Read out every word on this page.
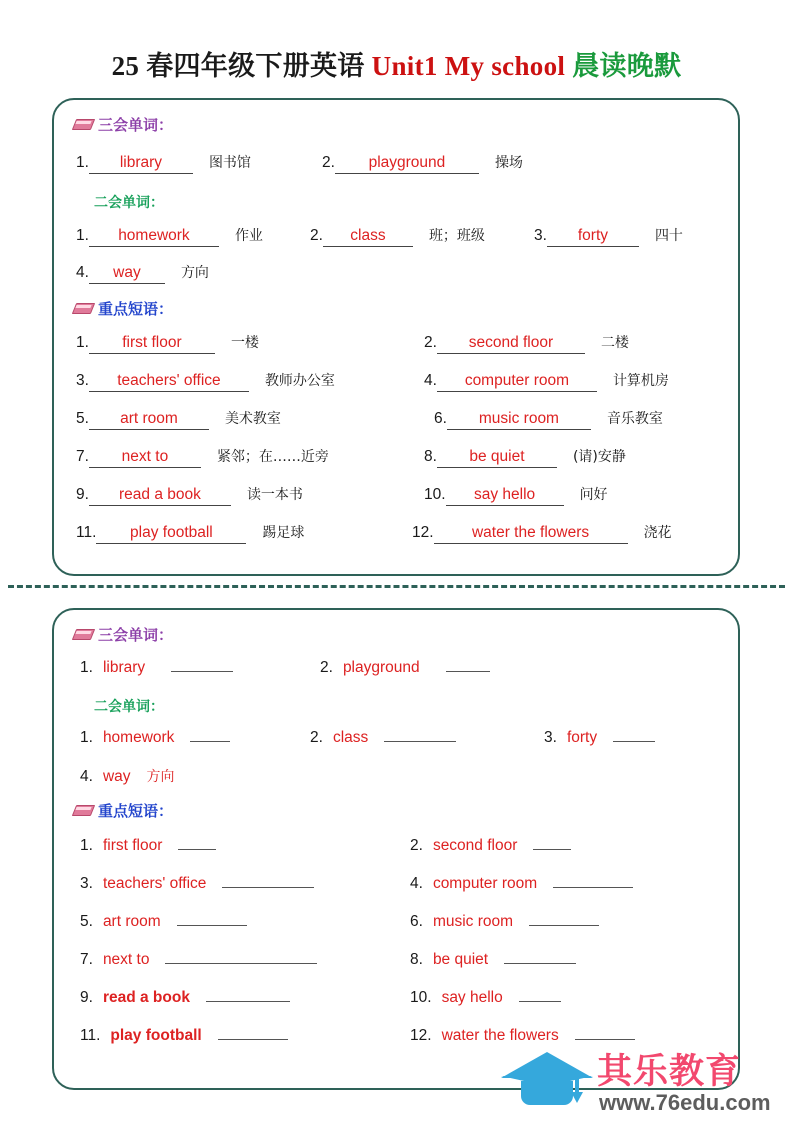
25 春四年级下册英语 Unit1 My school 晨读晚默
三会单词：
1.	library	图书馆	2.	playground	操场
二会单词：
1.	homework	作业	2.	class	班；班级	3.	forty	四十
4.	way	方向
重点短语：
1.	first floor	一楼	2.	second floor	二楼
3.	teachers' office	教师办公室	4.	computer room	计算机房
5.	art room	美术教室	6.	music room	音乐教室
7.	next to	紧邻；在……近旁	8.	be quiet	(请)安静
9.	read a book	读一本书	10.	say hello	问好
11.	play football	踢足球	12.	water the flowers	浇花
三会单词：
1. library	2. playground
二会单词：
1. homework	2. class	3. forty
4. way 方向
重点短语：
1. first floor	2. second floor
3. teachers' office	4. computer room
5. art room	6. music room
7. next to	8. be quiet
9. read a book	10. say hello
11. play football	12. water the flowers
其乐教育
www.76edu.com
